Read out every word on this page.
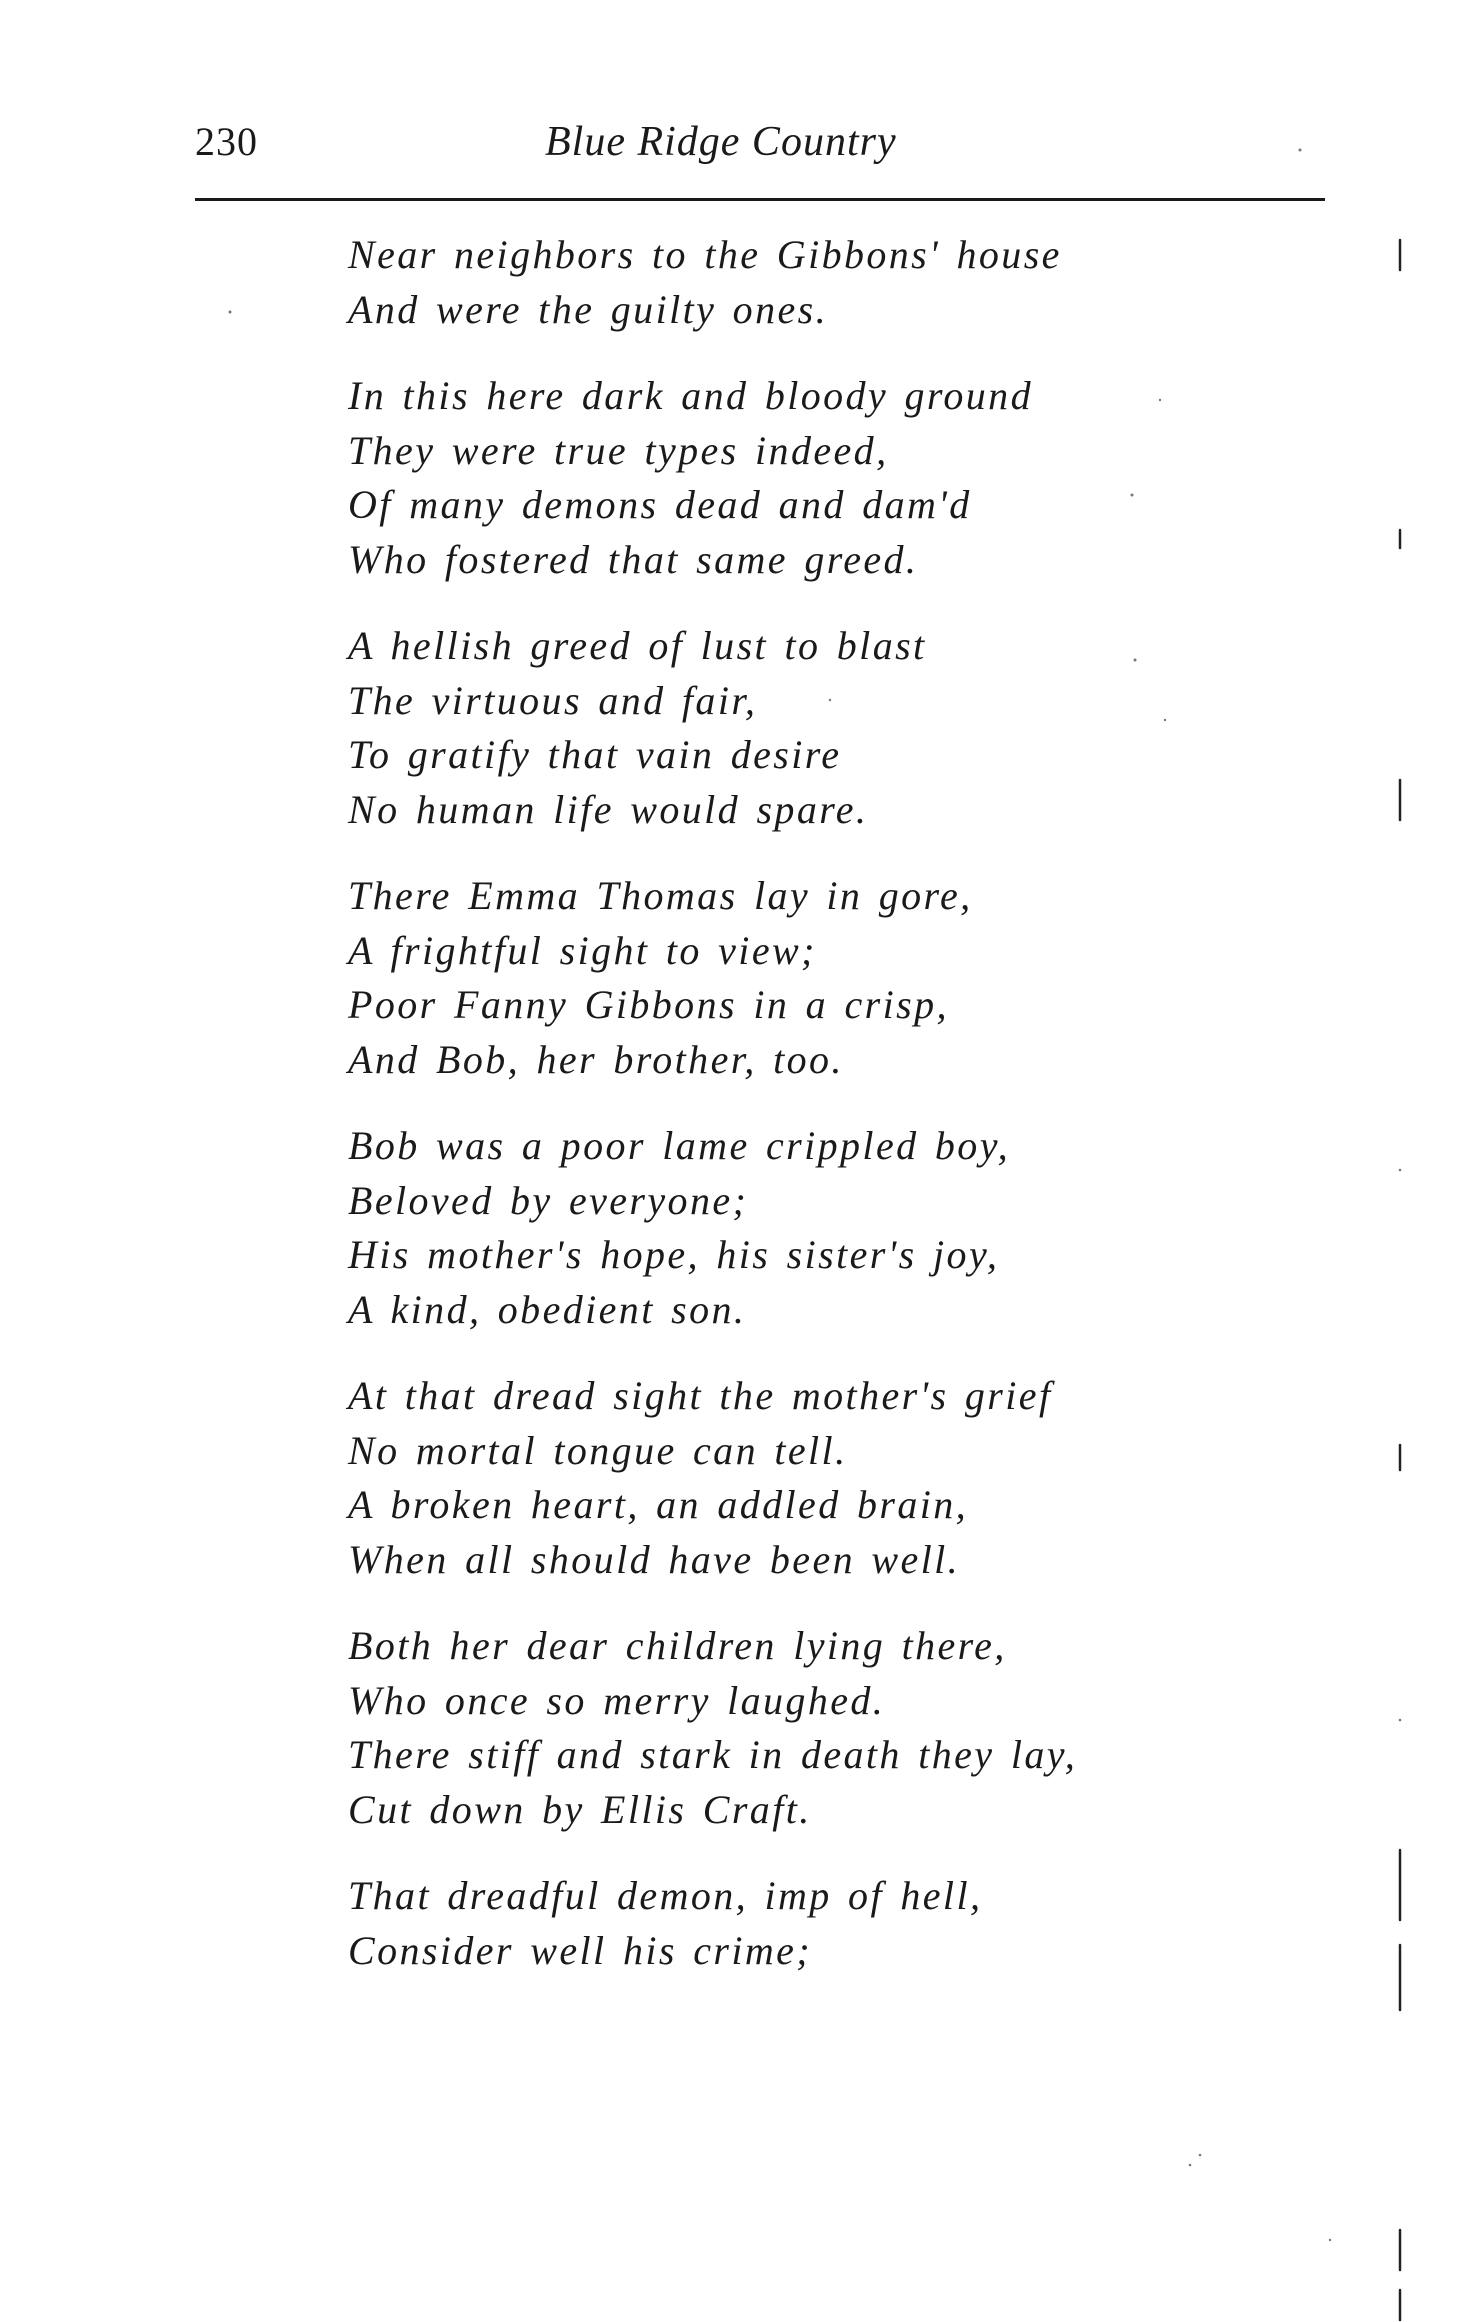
230	Blue Ridge Country
Near neighbors to the Gibbons' house
And were the guilty ones.
In this here dark and bloody ground
They were true types indeed,
Of many demons dead and dam'd
Who fostered that same greed.
A hellish greed of lust to blast
The virtuous and fair,
To gratify that vain desire
No human life would spare.
There Emma Thomas lay in gore,
A frightful sight to view;
Poor Fanny Gibbons in a crisp,
And Bob, her brother, too.
Bob was a poor lame crippled boy,
Beloved by everyone;
His mother's hope, his sister's joy,
A kind, obedient son.
At that dread sight the mother's grief
No mortal tongue can tell.
A broken heart, an addled brain,
When all should have been well.
Both her dear children lying there,
Who once so merry laughed.
There stiff and stark in death they lay,
Cut down by Ellis Craft.
That dreadful demon, imp of hell,
Consider well his crime;
